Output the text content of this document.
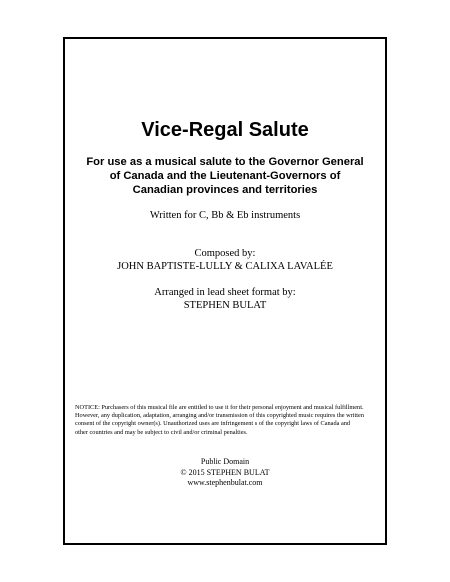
Vice-Regal Salute
For use as a musical salute to the Governor General
of Canada and the Lieutenant-Governors of
Canadian provinces and territories
Written for C, Bb & Eb instruments
Composed by:
JOHN BAPTISTE-LULLY & CALIXA LAVALÉE
Arranged in lead sheet format by:
STEPHEN BULAT
NOTICE: Purchasers of this musical file are entitled to use it for their personal enjoyment and musical fulfillment.
However, any duplication, adaptation, arranging and/or transmission of this copyrighted music requires the written
consent of the copyright owner(s). Unauthorized uses are infringement s of the copyright laws of Canada and
other countries and may be subject to civil and/or criminal penalties.
Public Domain
© 2015 STEPHEN BULAT
www.stephenbulat.com
